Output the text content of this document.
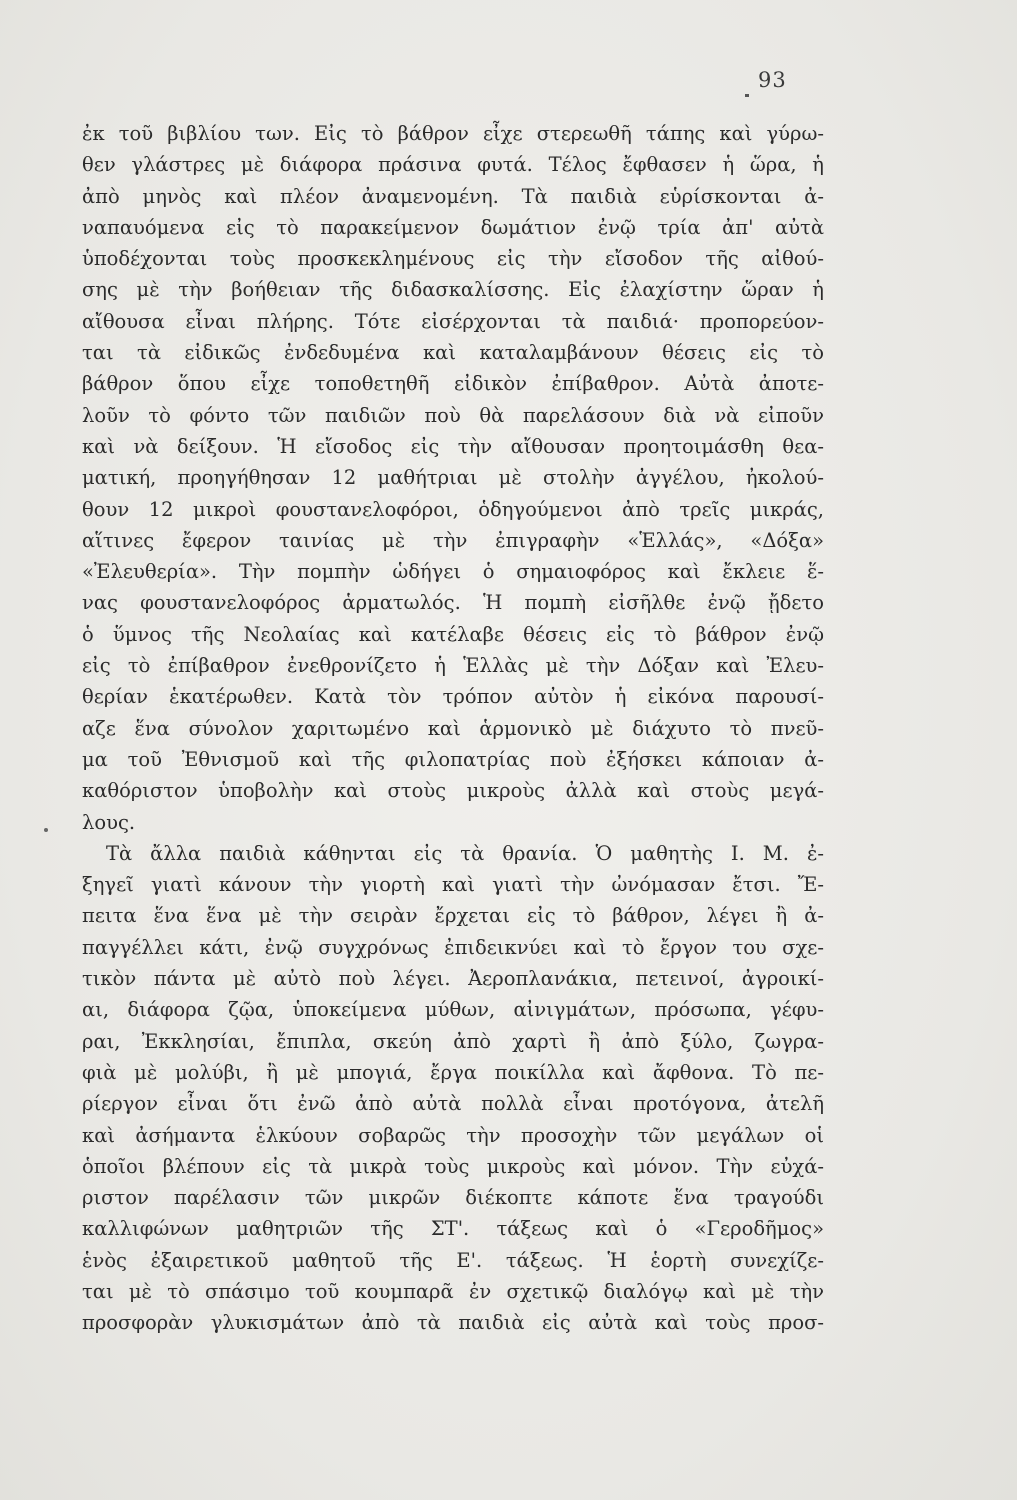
93
ἐκ τοῦ βιβλίου των. Εἰς τὸ βάθρον εἶχε στερεωθῆ τάπης καὶ γύρω-
θεν γλάστρες μὲ διάφορα πράσινα φυτά. Τέλος ἔφθασεν ἡ ὥρα, ἡ
ἀπὸ μηνὸς καὶ πλέον ἀναμενομένη. Τὰ παιδιὰ εὑρίσκονται ἀ-
ναπαυόμενα εἰς τὸ παρακείμενον δωμάτιον ἐνῷ τρία ἀπ' αὐτὰ
ὑποδέχονται τοὺς προσκεκλημένους εἰς τὴν εἴσοδον τῆς αἰθού-
σης μὲ τὴν βοήθειαν τῆς διδασκαλίσσης. Εἰς ἐλαχίστην ὥραν ἡ
αἴθουσα εἶναι πλήρης. Τότε εἰσέρχονται τὰ παιδιά· προπορεύον-
ται τὰ εἰδικῶς ἐνδεδυμένα καὶ καταλαμβάνουν θέσεις εἰς τὸ
βάθρον ὅπου εἶχε τοποθετηθῆ εἰδικὸν ἐπίβαθρον. Αὐτὰ ἀποτε-
λοῦν τὸ φόντο τῶν παιδιῶν ποὺ θὰ παρελάσουν διὰ νὰ εἰποῦν
καὶ νὰ δείξουν. Ἡ εἴσοδος εἰς τὴν αἴθουσαν προητοιμάσθη θεα-
ματική, προηγήθησαν 12 μαθήτριαι μὲ στολὴν ἀγγέλου, ἠκολού-
θουν 12 μικροὶ φουστανελοφόροι, ὁδηγούμενοι ἀπὸ τρεῖς μικράς,
αἵτινες ἔφερον ταινίας μὲ τὴν ἐπιγραφὴν «Ἑλλάς», «Δόξα»
«Ἐλευθερία». Τὴν πομπὴν ὡδήγει ὁ σημαιοφόρος καὶ ἔκλειε ἕ-
νας φουστανελοφόρος ἁρματωλός. Ἡ πομπὴ εἰσῆλθε ἐνῷ ᾔδετο
ὁ ὕμνος τῆς Νεολαίας καὶ κατέλαβε θέσεις εἰς τὸ βάθρον ἐνῷ
εἰς τὸ ἐπίβαθρον ἐνεθρονίζετο ἡ Ἑλλὰς μὲ τὴν Δόξαν καὶ Ἐλευ-
θερίαν ἑκατέρωθεν. Κατὰ τὸν τρόπον αὐτὸν ἡ εἰκόνα παρουσί-
αζε ἕνα σύνολον χαριτωμένο καὶ ἁρμονικὸ μὲ διάχυτο τὸ πνεῦ-
μα τοῦ Ἐθνισμοῦ καὶ τῆς φιλοπατρίας ποὺ ἐξήσκει κάποιαν ἀ-
καθόριστον ὑποβολὴν καὶ στοὺς μικροὺς ἀλλὰ καὶ στοὺς μεγά-
λους.
Τὰ ἄλλα παιδιὰ κάθηνται εἰς τὰ θρανία. Ὁ μαθητὴς Ι. Μ. ἐ-
ξηγεῖ γιατὶ κάνουν τὴν γιορτὴ καὶ γιατὶ τὴν ὠνόμασαν ἔτσι. Ἔ-
πειτα ἕνα ἕνα μὲ τὴν σειρὰν ἔρχεται εἰς τὸ βάθρον, λέγει ἢ ἀ-
παγγέλλει κάτι, ἐνῷ συγχρόνως ἐπιδεικνύει καὶ τὸ ἔργον του σχε-
τικὸν πάντα μὲ αὐτὸ ποὺ λέγει. Ἀεροπλανάκια, πετεινοί, ἀγροικί-
αι, διάφορα ζῷα, ὑποκείμενα μύθων, αἰνιγμάτων, πρόσωπα, γέφυ-
ραι, Ἐκκλησίαι, ἔπιπλα, σκεύη ἀπὸ χαρτὶ ἢ ἀπὸ ξύλο, ζωγρα-
φιὰ μὲ μολύβι, ἢ μὲ μπογιά, ἔργα ποικίλλα καὶ ἄφθονα. Τὸ πε-
ρίεργον εἶναι ὅτι ἐνῶ ἀπὸ αὐτὰ πολλὰ εἶναι προτόγονα, ἀτελῆ
καὶ ἀσήμαντα ἑλκύουν σοβαρῶς τὴν προσοχὴν τῶν μεγάλων οἱ
ὁποῖοι βλέπουν εἰς τὰ μικρὰ τοὺς μικροὺς καὶ μόνον. Τὴν εὐχά-
ριστον παρέλασιν τῶν μικρῶν διέκοπτε κάποτε ἕνα τραγούδι
καλλιφώνων μαθητριῶν τῆς ΣΤ'. τάξεως καὶ ὁ «Γεροδῆμος»
ἑνὸς ἐξαιρετικοῦ μαθητοῦ τῆς Ε'. τάξεως. Ἡ ἑορτὴ συνεχίζε-
ται μὲ τὸ σπάσιμο τοῦ κουμπαρᾶ ἐν σχετικῷ διαλόγῳ καὶ μὲ τὴν
προσφορὰν γλυκισμάτων ἀπὸ τὰ παιδιὰ εἰς αὐτὰ καὶ τοὺς προσ-
